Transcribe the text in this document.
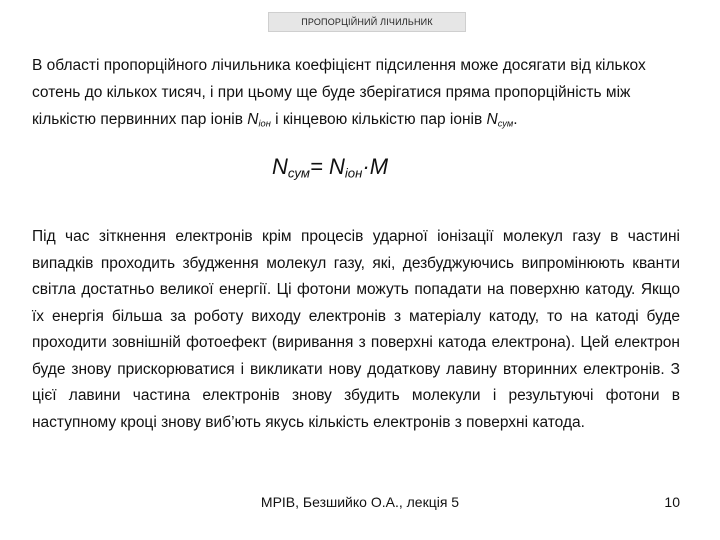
ПРОПОРЦІЙНИЙ ЛІЧИЛЬНИК

В області пропорційного лічильника коефіцієнт підсилення може досягати від кількох сотень до кількох тисяч, і при цьому ще буде зберігатися пряма пропорційність між кількістю первинних пар іонів $N_{іон}$ і кінцевою кількістю пар іонів $N_{сум}$.

$N_{сум}= N_{іон}\cdot M$

Під час зіткнення електронів крім процесів ударної іонізації молекул газу в частині випадків проходить збудження молекул газу, які, дезбуджуючись випромінюють кванти світла достатньо великої енергії. Ці фотони можуть попадати на поверхню катоду. Якщо їх енергія більша за роботу виходу електронів з матеріалу катоду, то на катоді буде проходити зовнішній фотоефект (виривання з поверхні катода електрона). Цей електрон буде знову прискорюватися і викликати нову додаткову лавину вторинних електронів. З цієї лавини частина електронів знову збудить молекули і результуючі фотони в наступному кроці знову виб’ють якусь кількість електронів з поверхні катода.

МРІВ, Безшийко О.А., лекція 5	10
